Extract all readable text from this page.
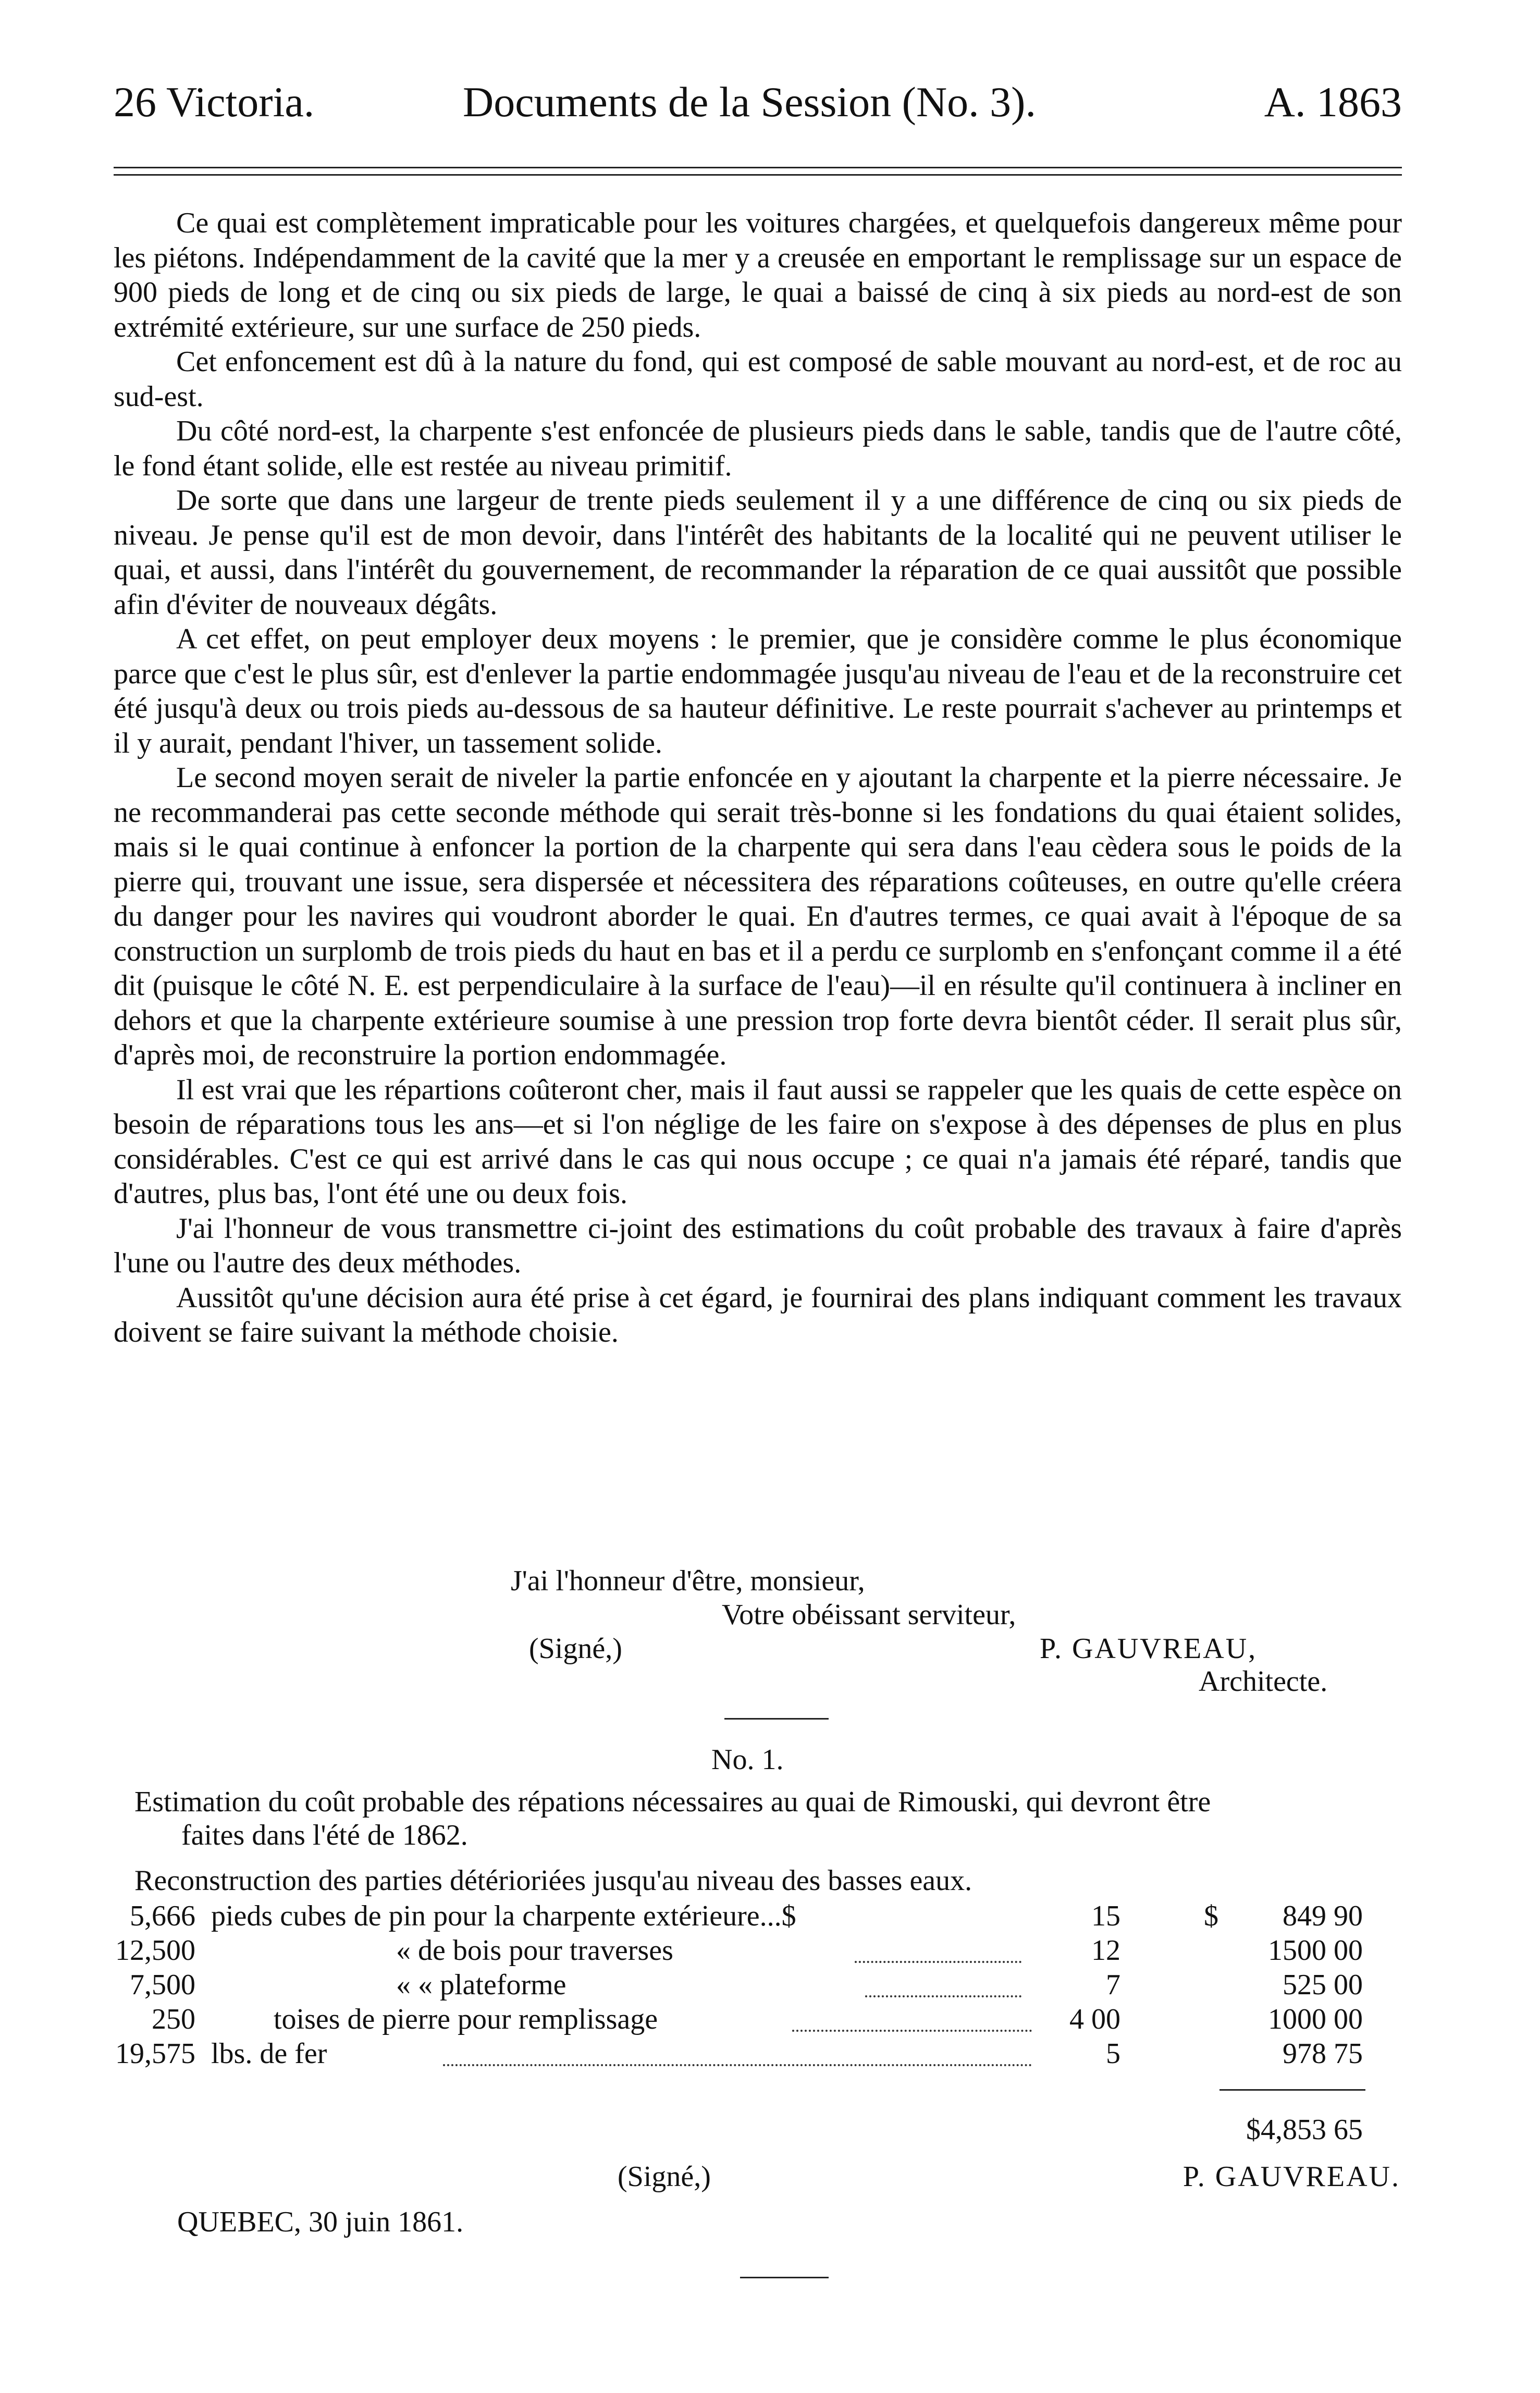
26 Victoria.	Documents de la Session (No. 3).	A. 1863

Ce quai est complètement impraticable pour les voitures chargées, et quelquefois dangereux même pour les piétons. Indépendamment de la cavité que la mer y a creusée en emportant le remplissage sur un espace de 900 pieds de long et de cinq ou six pieds de large, le quai a baissé de cinq à six pieds au nord-est de son extrémité extérieure, sur une surface de 250 pieds.

Cet enfoncement est dû à la nature du fond, qui est composé de sable mouvant au nord-est, et de roc au sud-est.

Du côté nord-est, la charpente s'est enfoncée de plusieurs pieds dans le sable, tandis que de l'autre côté, le fond étant solide, elle est restée au niveau primitif.

De sorte que dans une largeur de trente pieds seulement il y a une différence de cinq ou six pieds de niveau. Je pense qu'il est de mon devoir, dans l'intérêt des habitants de la localité qui ne peuvent utiliser le quai, et aussi, dans l'intérêt du gouvernement, de recommander la réparation de ce quai aussitôt que possible afin d'éviter de nouveaux dégâts.

A cet effet, on peut employer deux moyens : le premier, que je considère comme le plus économique parce que c'est le plus sûr, est d'enlever la partie endommagée jusqu'au niveau de l'eau et de la reconstruire cet été jusqu'à deux ou trois pieds au-dessous de sa hauteur définitive. Le reste pourrait s'achever au printemps et il y aurait, pendant l'hiver, un tassement solide.

Le second moyen serait de niveler la partie enfoncée en y ajoutant la charpente et la pierre nécessaire. Je ne recommanderai pas cette seconde méthode qui serait très-bonne si les fondations du quai étaient solides, mais si le quai continue à enfoncer la portion de la charpente qui sera dans l'eau cèdera sous le poids de la pierre qui, trouvant une issue, sera dispersée et nécessitera des réparations coûteuses, en outre qu'elle créera du danger pour les navires qui voudront aborder le quai. En d'autres termes, ce quai avait à l'époque de sa construction un surplomb de trois pieds du haut en bas et il a perdu ce surplomb en s'enfonçant comme il a été dit (puisque le côté N. E. est perpendiculaire à la surface de l'eau)—il en résulte qu'il continuera à incliner en dehors et que la charpente extérieure soumise à une pression trop forte devra bientôt céder. Il serait plus sûr, d'après moi, de reconstruire la portion endommagée.

Il est vrai que les répartions coûteront cher, mais il faut aussi se rappeler que les quais de cette espèce on besoin de réparations tous les ans—et si l'on néglige de les faire on s'expose à des dépenses de plus en plus considérables. C'est ce qui est arrivé dans le cas qui nous occupe ; ce quai n'a jamais été réparé, tandis que d'autres, plus bas, l'ont été une ou deux fois.

J'ai l'honneur de vous transmettre ci-joint des estimations du coût probable des travaux à faire d'après l'une ou l'autre des deux méthodes.

Aussitôt qu'une décision aura été prise à cet égard, je fournirai des plans indiquant comment les travaux doivent se faire suivant la méthode choisie.

J'ai l'honneur d'être, monsieur,
Votre obéissant serviteur,
(Signé,)	P. GAUVREAU,
Architecte.
No. 1.
Estimation du coût probable des répations nécessaires au quai de Rimouski, qui devront être
faites dans l'été de 1862.
Reconstruction des parties détérioriées jusqu'au niveau des basses eaux.
5,666 pieds cubes de pin pour la charpente extérieure...$	15	$ 849 90
12,500	« de bois pour traverses	12	1500 00
7,500	« « plateforme	7	525 00
250	toises de pierre pour remplissage	4 00	1000 00
19,575 lbs. de fer	5	978 75
$4,853 65
(Signé,)	P. GAUVREAU.
QUEBEC, 30 juin 1861.
